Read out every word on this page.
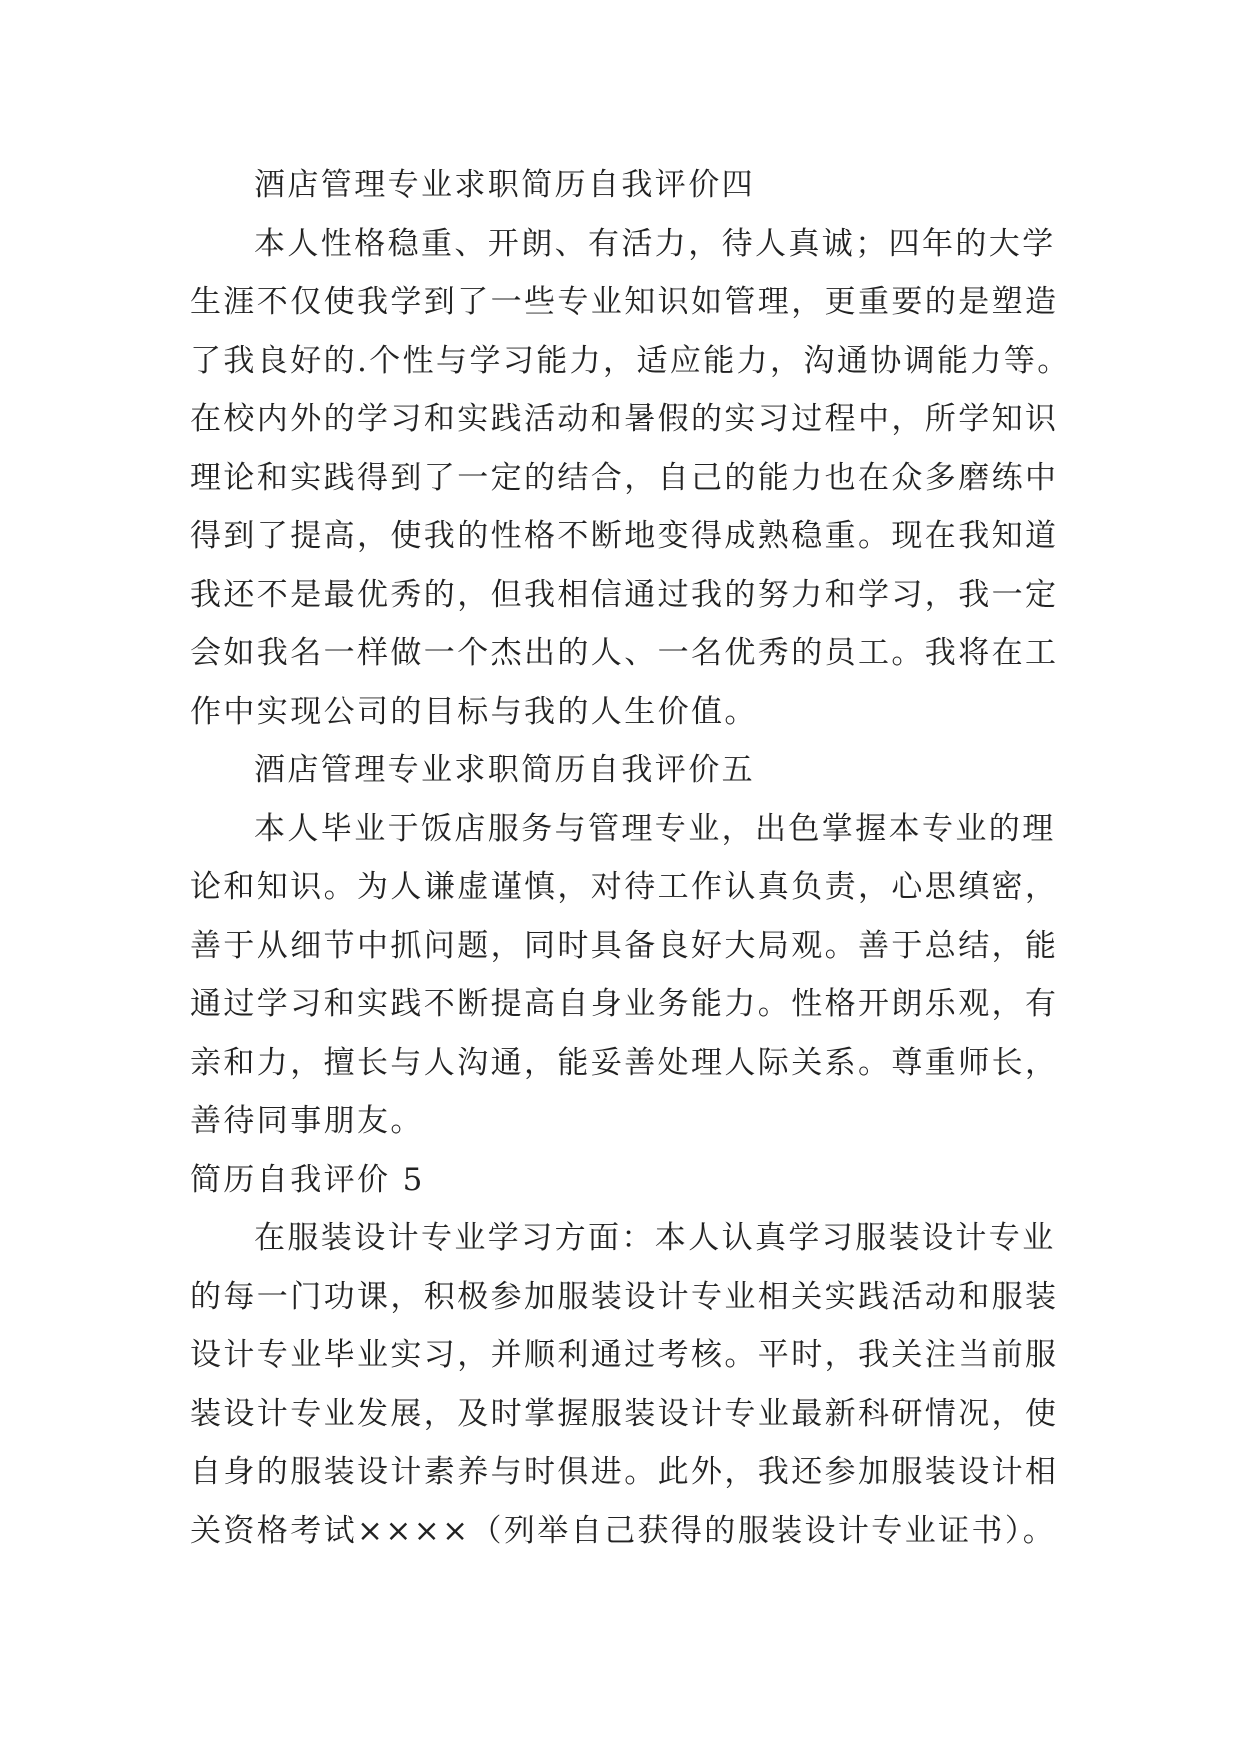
酒店管理专业求职简历自我评价四
本人性格稳重、开朗、有活力，待人真诚；四年的大学
生涯不仅使我学到了一些专业知识如管理，更重要的是塑造
了我良好的.个性与学习能力，适应能力，沟通协调能力等。
在校内外的学习和实践活动和暑假的实习过程中，所学知识
理论和实践得到了一定的结合，自己的能力也在众多磨练中
得到了提高，使我的性格不断地变得成熟稳重。现在我知道
我还不是最优秀的，但我相信通过我的努力和学习，我一定
会如我名一样做一个杰出的人、一名优秀的员工。我将在工
作中实现公司的目标与我的人生价值。
酒店管理专业求职简历自我评价五
本人毕业于饭店服务与管理专业，出色掌握本专业的理
论和知识。为人谦虚谨慎，对待工作认真负责，心思缜密，
善于从细节中抓问题，同时具备良好大局观。善于总结，能
通过学习和实践不断提高自身业务能力。性格开朗乐观，有
亲和力，擅长与人沟通，能妥善处理人际关系。尊重师长，
善待同事朋友。
简历自我评价 5
在服装设计专业学习方面：本人认真学习服装设计专业
的每一门功课，积极参加服装设计专业相关实践活动和服装
设计专业毕业实习，并顺利通过考核。平时，我关注当前服
装设计专业发展，及时掌握服装设计专业最新科研情况，使
自身的服装设计素养与时俱进。此外，我还参加服装设计相
关资格考试××××（列举自己获得的服装设计专业证书）。
